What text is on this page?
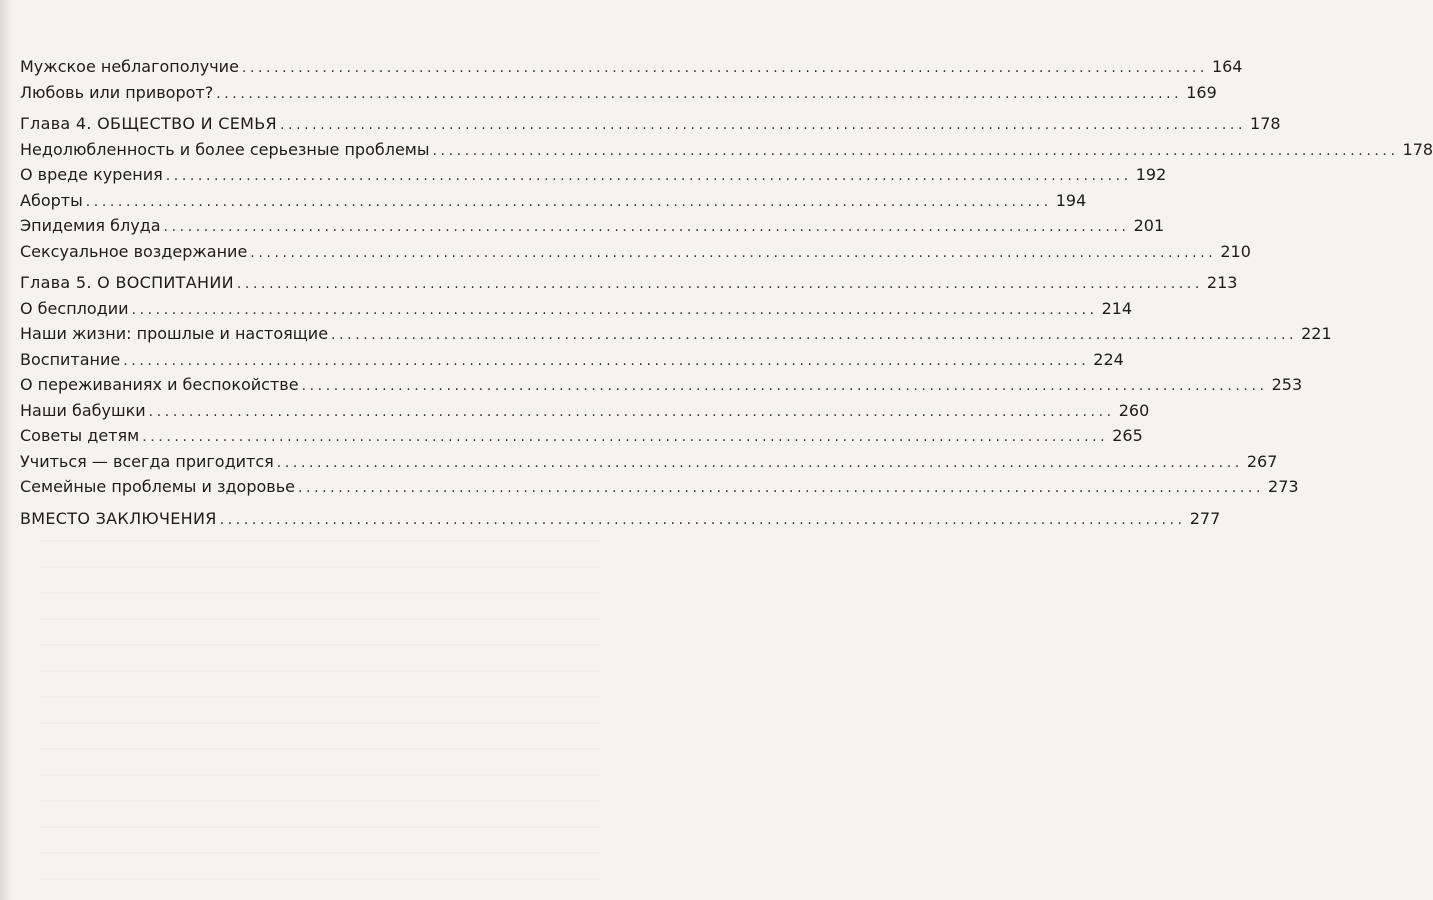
Мужское неблагополучие ........................................................................................................................ 164
Любовь или приворот? ........................................................................................................................ 169
Глава 4. ОБЩЕСТВО И СЕМЬЯ ........................................................................................................................ 178
Недолюбленность и более серьезные проблемы ........................................................................................................................ 178
О вреде курения ........................................................................................................................ 192
Аборты ........................................................................................................................ 194
Эпидемия блуда ........................................................................................................................ 201
Сексуальное воздержание ........................................................................................................................ 210
Глава 5. О ВОСПИТАНИИ ........................................................................................................................ 213
О бесплодии ........................................................................................................................ 214
Наши жизни: прошлые и настоящие ........................................................................................................................ 221
Воспитание ........................................................................................................................ 224
О переживаниях и беспокойстве ........................................................................................................................ 253
Наши бабушки ........................................................................................................................ 260
Советы детям ........................................................................................................................ 265
Учиться — всегда пригодится ........................................................................................................................ 267
Семейные проблемы и здоровье ........................................................................................................................ 273
ВМЕСТО ЗАКЛЮЧЕНИЯ ........................................................................................................................ 277
